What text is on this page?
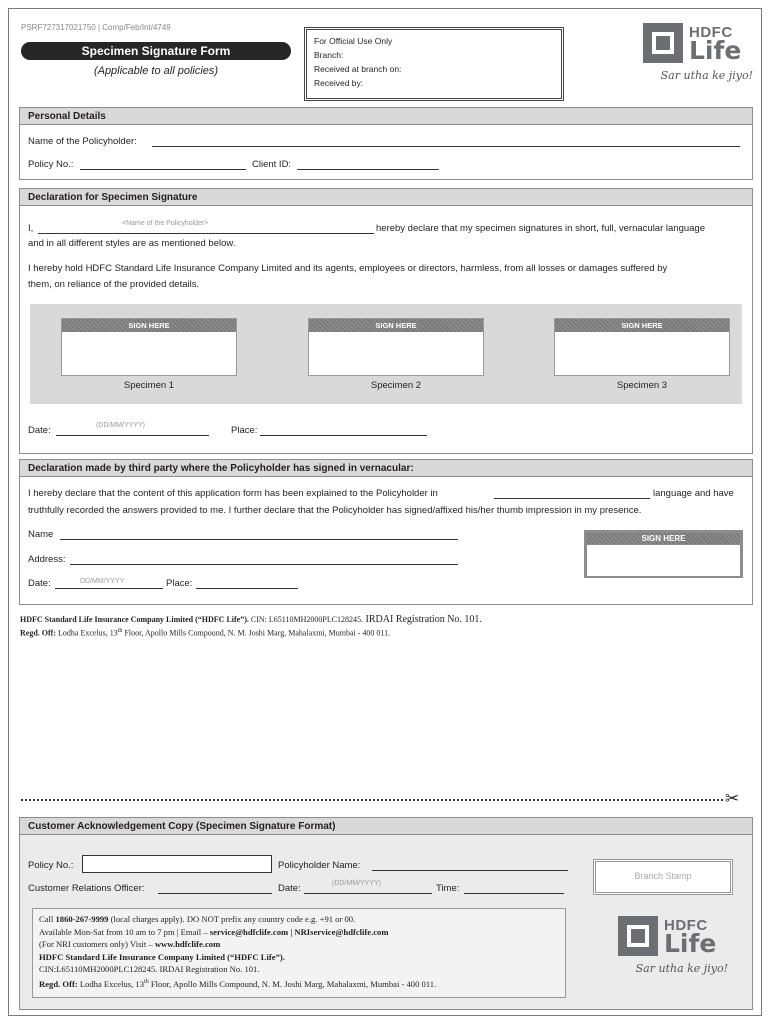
PSRF727317021750 | Comp/Feb/Int/4749
Specimen Signature Form
(Applicable to all policies)
For Official Use Only
Branch:
Received at branch on:
Received by:
HDFC
Life
Sar utha ke jiyo!
Personal Details
Name of the Policyholder:
Policy No.:	Client ID:
Declaration for Specimen Signature
I,	<Name of the Policyholder>	hereby declare that my specimen signatures in short, full, vernacular language
and in all different styles are as mentioned below.
I hereby hold HDFC Standard Life Insurance Company Limited and its agents, employees or directors, harmless, from all losses or damages suffered by
them, on reliance of the provided details.
SIGN HERE
Specimen 1
SIGN HERE
Specimen 2
SIGN HERE
Specimen 3
Date:	(DD/MM/YYYY)	Place:
Declaration made by third party where the Policyholder has signed in vernacular:
I hereby declare that the content of this application form has been explained to the Policyholder in	language and have
truthfully recorded the answers provided to me. I further declare that the Policyholder has signed/affixed his/her thumb impression in my presence.
Name
Address:
Date:	DD/MM/YYYY	Place:
SIGN HERE
HDFC Standard Life Insurance Company Limited (“HDFC Life”). CIN: L65110MH2000PLC128245. IRDAI Registration No. 101.
Regd. Off: Lodha Excelus, 13th Floor, Apollo Mills Compound, N. M. Joshi Marg, Mahalaxmi, Mumbai - 400 011.
✂
Customer Acknowledgement Copy (Specimen Signature Format)
Policy No.:	Policyholder Name:
Customer Relations Officer:	Date:	(DD/MM/YYYY)	Time:
Branch Stamp
Call 1860-267-9999 (local charges apply). DO NOT prefix any country code e.g. +91 or 00.
Available Mon-Sat from 10 am to 7 pm | Email – service@hdfclife.com | NRIservice@hdfclife.com
(For NRI customers only) Visit – www.hdfclife.com
HDFC Standard Life Insurance Company Limited (“HDFC Life”).
CIN:L65110MH2000PLC128245. IRDAI Registration No. 101.
Regd. Off: Lodha Excelus, 13th Floor, Apollo Mills Compound, N. M. Joshi Marg, Mahalaxmi, Mumbai - 400 011.
HDFC
Life
Sar utha ke jiyo!
